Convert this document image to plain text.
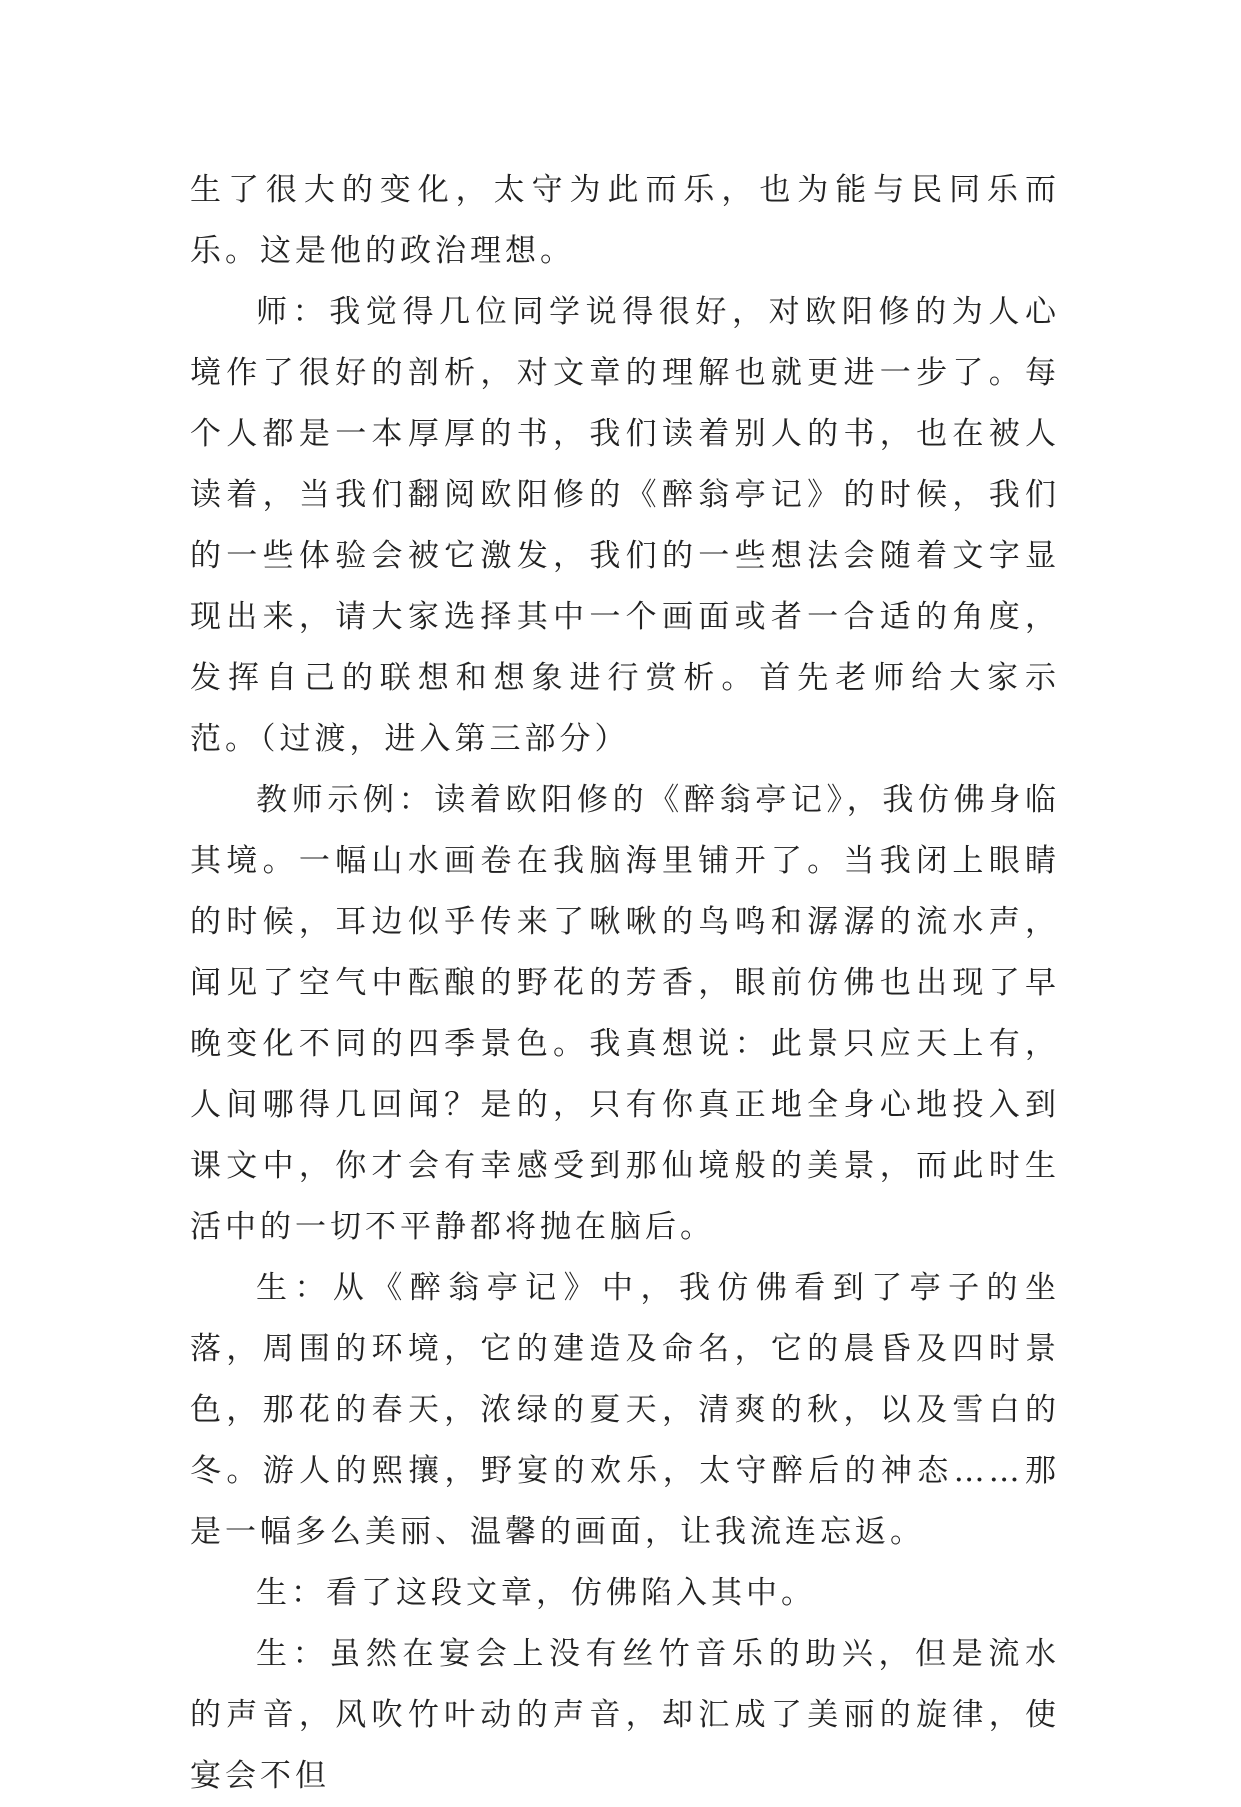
生了很大的变化，太守为此而乐，也为能与民同乐而乐。这是他的政治理想。

师：我觉得几位同学说得很好，对欧阳修的为人心境作了很好的剖析，对文章的理解也就更进一步了。每个人都是一本厚厚的书，我们读着别人的书，也在被人读着，当我们翻阅欧阳修的《醉翁亭记》的时候，我们的一些体验会被它激发，我们的一些想法会随着文字显现出来，请大家选择其中一个画面或者一合适的角度，发挥自己的联想和想象进行赏析。首先老师给大家示范。（过渡，进入第三部分）

教师示例：读着欧阳修的《醉翁亭记》，我仿佛身临其境。一幅山水画卷在我脑海里铺开了。当我闭上眼睛的时候，耳边似乎传来了啾啾的鸟鸣和潺潺的流水声，闻见了空气中酝酿的野花的芳香，眼前仿佛也出现了早晚变化不同的四季景色。我真想说：此景只应天上有，人间哪得几回闻？是的，只有你真正地全身心地投入到课文中，你才会有幸感受到那仙境般的美景，而此时生活中的一切不平静都将抛在脑后。

生：从《醉翁亭记》中，我仿佛看到了亭子的坐落，周围的环境，它的建造及命名，它的晨昏及四时景色，那花的春天，浓绿的夏天，清爽的秋，以及雪白的冬。游人的熙攘，野宴的欢乐，太守醉后的神态……那是一幅多么美丽、温馨的画面，让我流连忘返。

生：看了这段文章，仿佛陷入其中。

生：虽然在宴会上没有丝竹音乐的助兴，但是流水的声音，风吹竹叶动的声音，却汇成了美丽的旋律，使宴会不但
